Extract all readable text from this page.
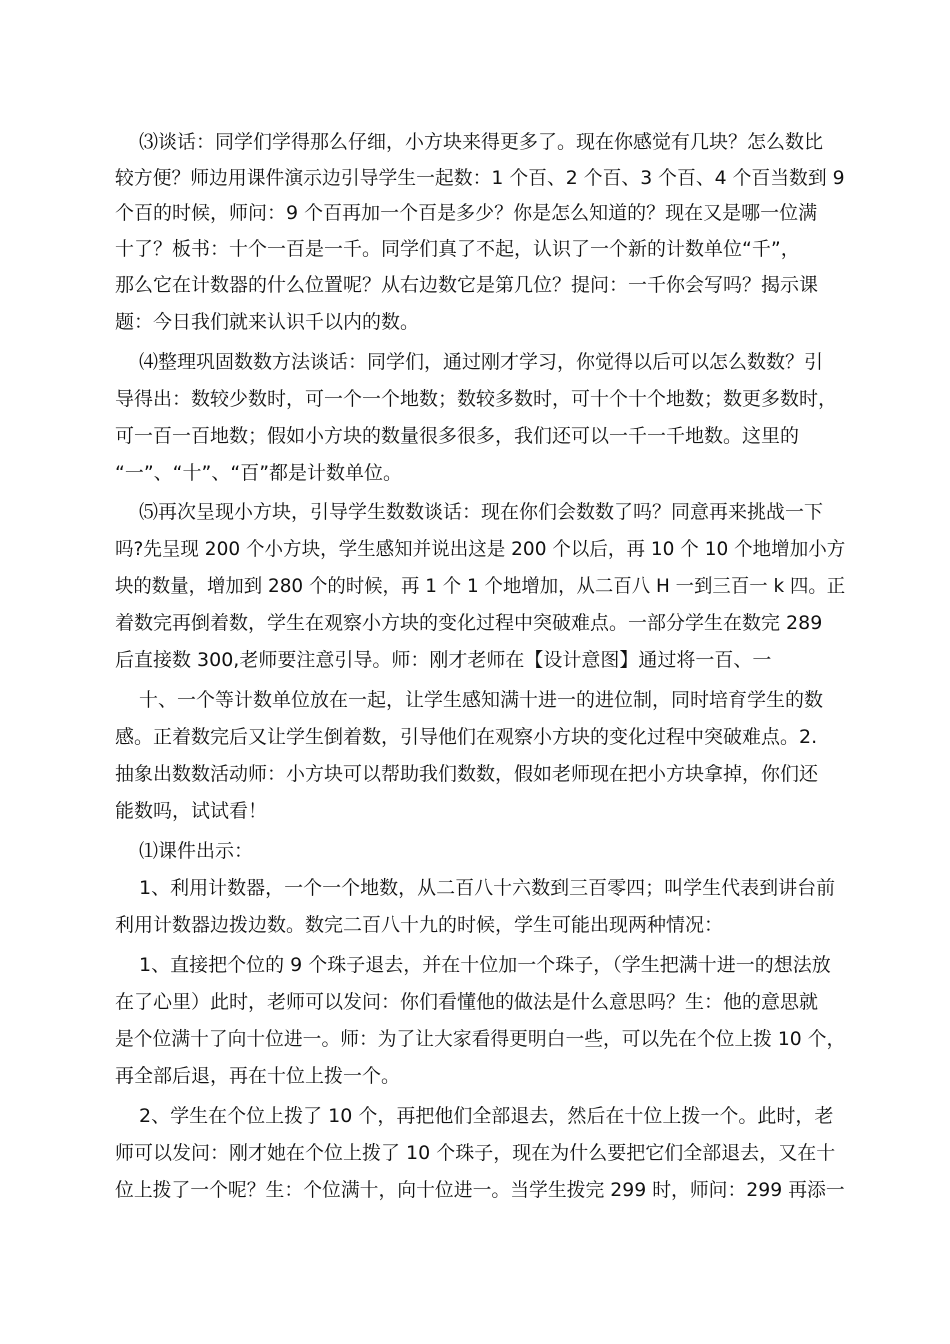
⑶谈话：同学们学得那么仔细，小方块来得更多了。现在你感觉有几块？怎么数比
较方便？师边用课件演示边引导学生一起数：1 个百、2 个百、3 个百、4 个百当数到 9
个百的时候，师问：9 个百再加一个百是多少？你是怎么知道的？现在又是哪一位满
十了？板书：十个一百是一千。同学们真了不起，认识了一个新的计数单位“千”，
那么它在计数器的什么位置呢？从右边数它是第几位？提问：一千你会写吗？揭示课
题：今日我们就来认识千以内的数。
⑷整理巩固数数方法谈话：同学们，通过刚才学习，你觉得以后可以怎么数数？引
导得出：数较少数时，可一个一个地数；数较多数时，可十个十个地数；数更多数时，
可一百一百地数；假如小方块的数量很多很多，我们还可以一千一千地数。这里的
“一”、“十”、“百”都是计数单位。
⑸再次呈现小方块，引导学生数数谈话：现在你们会数数了吗？同意再来挑战一下
吗?先呈现 200 个小方块，学生感知并说出这是 200 个以后，再 10 个 10 个地增加小方
块的数量，增加到 280 个的时候，再 1 个 1 个地增加，从二百八 H 一到三百一 k 四。正
着数完再倒着数，学生在观察小方块的变化过程中突破难点。一部分学生在数完 289
后直接数 300,老师要注意引导。师：刚才老师在【设计意图】通过将一百、一
十、一个等计数单位放在一起，让学生感知满十进一的进位制，同时培育学生的数
感。正着数完后又让学生倒着数，引导他们在观察小方块的变化过程中突破难点。2.
抽象出数数活动师：小方块可以帮助我们数数，假如老师现在把小方块拿掉，你们还
能数吗，试试看！
⑴课件出示：
1、利用计数器，一个一个地数，从二百八十六数到三百零四；叫学生代表到讲台前
利用计数器边拨边数。数完二百八十九的时候，学生可能出现两种情况：
1、直接把个位的 9 个珠子退去，并在十位加一个珠子，（学生把满十进一的想法放
在了心里）此时，老师可以发问：你们看懂他的做法是什么意思吗？生：他的意思就
是个位满十了向十位进一。师：为了让大家看得更明白一些，可以先在个位上拨 10 个，
再全部后退，再在十位上拨一个。
2、学生在个位上拨了 10 个，再把他们全部退去，然后在十位上拨一个。此时，老
师可以发问：刚才她在个位上拨了 10 个珠子，现在为什么要把它们全部退去，又在十
位上拨了一个呢？生：个位满十，向十位进一。当学生拨完 299 时，师问：299 再添一
